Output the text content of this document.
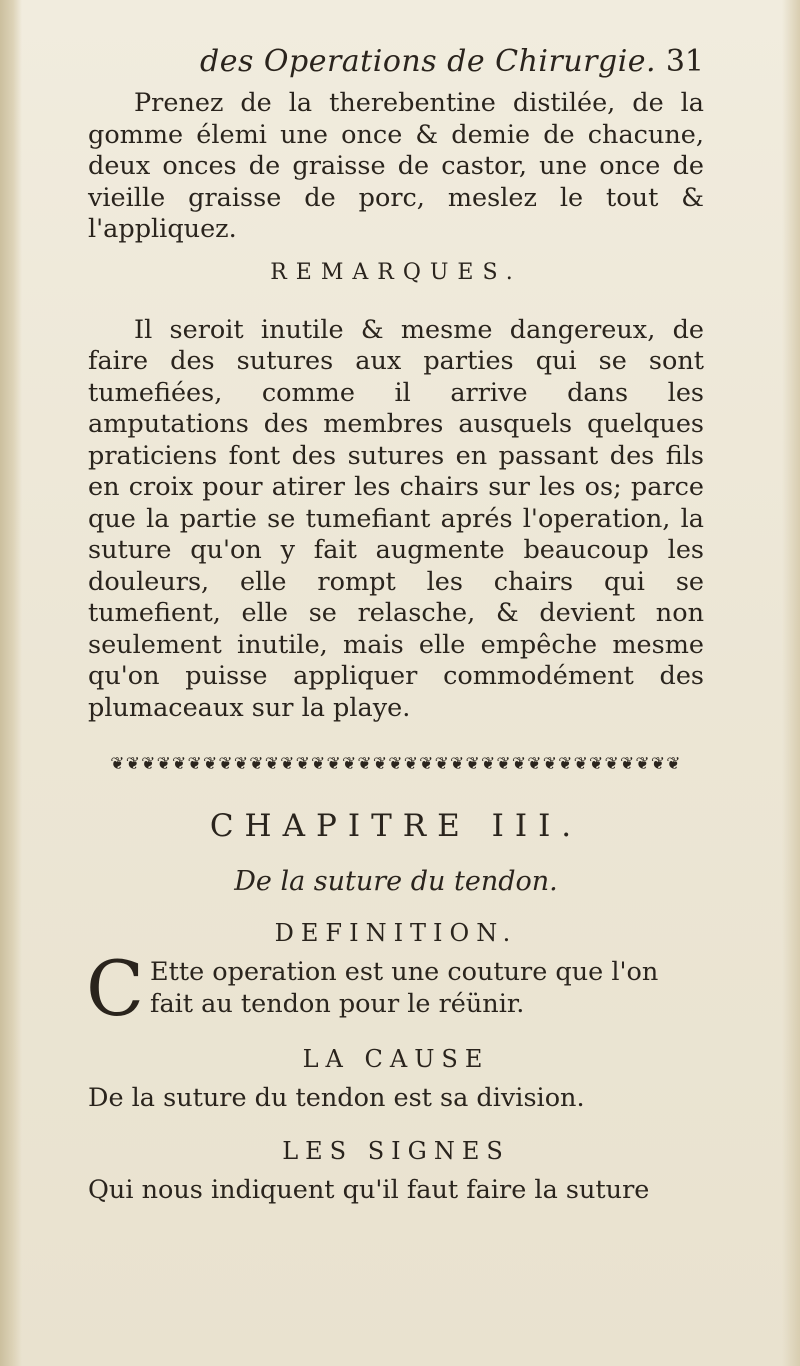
des Operations de Chirurgie. 31

Prenez de la therebentine distilée, de la gomme élemi une once & demie de chacune, deux onces de graisse de castor, une once de vieille graisse de porc, meslez le tout & l'appliquez.

REMARQUES.

Il seroit inutile & mesme dangereux, de faire des sutures aux parties qui se sont tumefiées, comme il arrive dans les amputations des membres ausquels quelques praticiens font des sutures en passant des fils en croix pour atirer les chairs sur les os; parce que la partie se tumefiant aprés l'operation, la suture qu'on y fait augmente beaucoup les douleurs, elle rompt les chairs qui se tumefient, elle se relasche, & devient non seulement inutile, mais elle empêche mesme qu'on puisse appliquer commodément des plumaceaux sur la playe.

❦❦❦❦❦❦❦❦❦❦❦❦❦❦❦❦❦❦❦❦❦❦❦❦❦❦❦❦❦❦❦❦❦❦❦❦❦
CHAPITRE III.
De la suture du tendon.
DEFINITION.
C Ette operation est une couture que l'on fait au tendon pour le réünir.
LA CAUSE

De la suture du tendon est sa division.

LES SIGNES

Qui nous indiquent qu'il faut faire la suture
